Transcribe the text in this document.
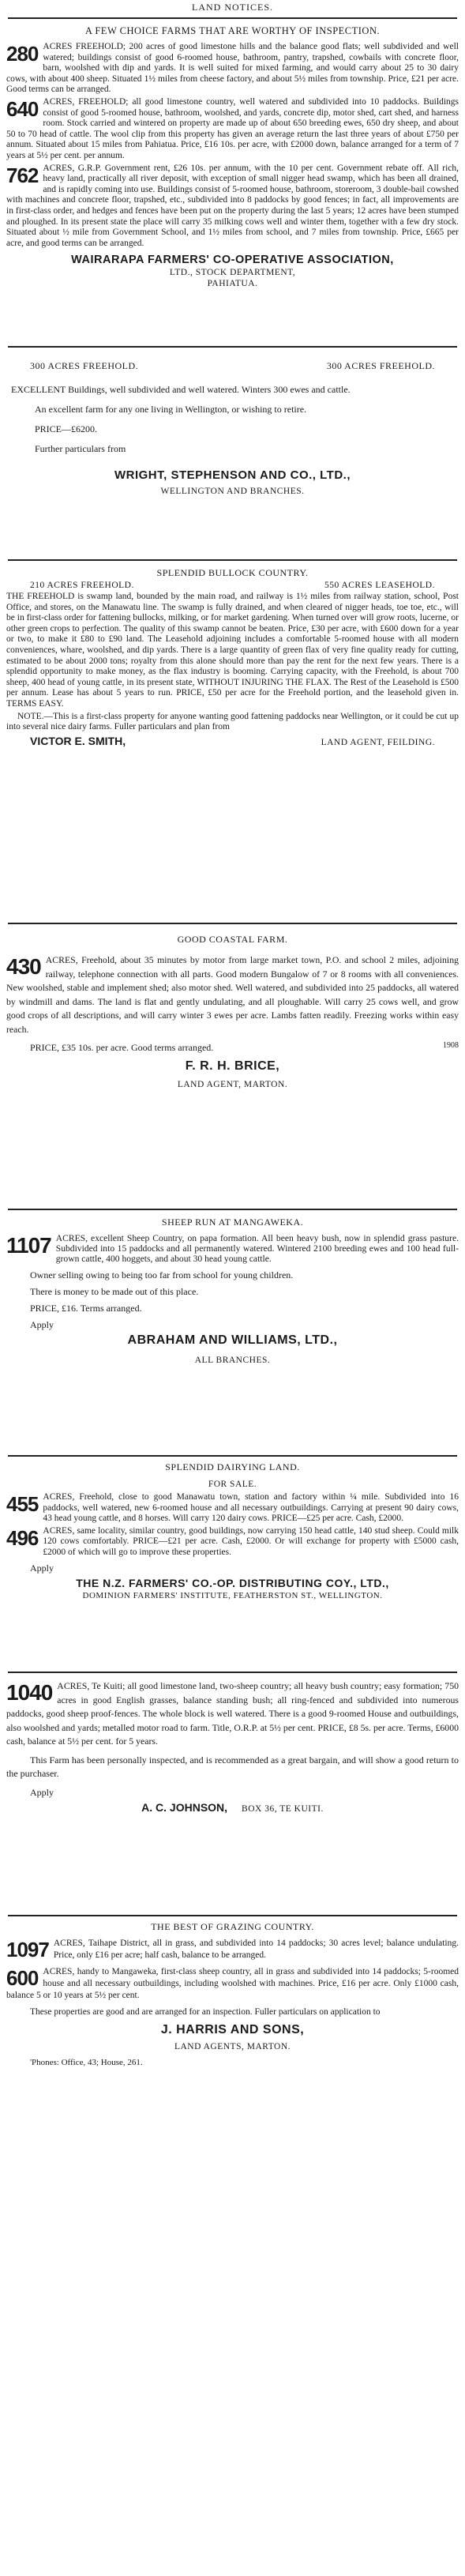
LAND NOTICES.

A FEW CHOICE FARMS THAT ARE WORTHY OF INSPECTION.

280 ACRES FREEHOLD; 200 acres of good limestone hills and the balance good flats; well subdivided and well watered; buildings consist of good 6-roomed house, bathroom, pantry, trapshed, cowbails with concrete floor, barn, woolshed with dip and yards. It is well suited for mixed farming, and would carry about 25 to 30 dairy cows, with about 400 sheep. Situated 1½ miles from cheese factory, and about 5½ miles from township. Price, £21 per acre. Good terms can be arranged.

640 ACRES, FREEHOLD; all good limestone country, well watered and subdivided into 10 paddocks. Buildings consist of good 5-roomed house, bathroom, woolshed, and yards, concrete dip, motor shed, cart shed, and harness room. Stock carried and wintered on property are made up of about 650 breeding ewes, 650 dry sheep, and about 50 to 70 head of cattle. The wool clip from this property has given an average return the last three years of about £750 per annum. Situated about 15 miles from Pahiatua. Price, £16 10s. per acre, with £2000 down, balance arranged for a term of 7 years at 5½ per cent. per annum.

762 ACRES, G.R.P. Government rent, £26 10s. per annum, with the 10 per cent. Government rebate off. All rich, heavy land, practically all river deposit, with exception of small nigger head swamp, which has been all drained, and is rapidly coming into use. Buildings consist of 5-roomed house, bathroom, storeroom, 3 double-bail cowshed with machines and concrete floor, trapshed, etc., subdivided into 8 paddocks by good fences; in fact, all improvements are in first-class order, and hedges and fences have been put on the property during the last 5 years; 12 acres have been stumped and ploughed. In its present state the place will carry 35 milking cows well and winter them, together with a few dry stock. Situated about ½ mile from Government School, and 1½ miles from school, and 7 miles from township. Price, £665 per acre, and good terms can be arranged.

WAIRARAPA FARMERS' CO-OPERATIVE ASSOCIATION,

LTD., STOCK DEPARTMENT,

PAHIATUA.

300 ACRES FREEHOLD.	300 ACRES FREEHOLD.

EXCELLENT Buildings, well subdivided and well watered. Winters 300 ewes and cattle.

An excellent farm for any one living in Wellington, or wishing to retire.

PRICE—£6200.

Further particulars from

WRIGHT, STEPHENSON AND CO., LTD.,

WELLINGTON AND BRANCHES.

SPLENDID BULLOCK COUNTRY.

210 ACRES FREEHOLD.	550 ACRES LEASEHOLD.

THE FREEHOLD is swamp land, bounded by the main road, and railway is 1½ miles from railway station, school, Post Office, and stores, on the Manawatu line. The swamp is fully drained, and when cleared of nigger heads, toe toe, etc., will be in first-class order for fattening bullocks, milking, or for market gardening. When turned over will grow roots, lucerne, or other green crops to perfection. The quality of this swamp cannot be beaten. Price, £30 per acre, with £600 down for a year or two, to make it £80 to £90 land. The Leasehold adjoining includes a comfortable 5-roomed house with all modern conveniences, whare, woolshed, and dip yards. There is a large quantity of green flax of very fine quality ready for cutting, estimated to be about 2000 tons; royalty from this alone should more than pay the rent for the next few years. There is a splendid opportunity to make money, as the flax industry is booming. Carrying capacity, with the Freehold, is about 700 sheep, 400 head of young cattle, in its present state, WITHOUT INJURING THE FLAX. The Rest of the Leasehold is £500 per annum. Lease has about 5 years to run. PRICE, £50 per acre for the Freehold portion, and the leasehold given in. TERMS EASY.

NOTE.—This is a first-class property for anyone wanting good fattening paddocks near Wellington, or it could be cut up into several nice dairy farms. Fuller particulars and plan from

VICTOR E. SMITH,	LAND AGENT, FEILDING.

GOOD COASTAL FARM.

430 ACRES, Freehold, about 35 minutes by motor from large market town, P.O. and school 2 miles, adjoining railway, telephone connection with all parts. Good modern Bungalow of 7 or 8 rooms with all conveniences. New woolshed, stable and implement shed; also motor shed. Well watered, and subdivided into 25 paddocks, all watered by windmill and dams. The land is flat and gently undulating, and all ploughable. Will carry 25 cows well, and grow good crops of all descriptions, and will carry winter 3 ewes per acre. Lambs fatten readily. Freezing works within easy reach.
PRICE, £35 10s. per acre. Good terms arranged.	1908

F. R. H. BRICE,

LAND AGENT, MARTON.

SHEEP RUN AT MANGAWEKA.

1107 ACRES, excellent Sheep Country, on papa formation. All been heavy bush, now in splendid grass pasture. Subdivided into 15 paddocks and all permanently watered. Wintered 2100 breeding ewes and 100 head full-grown cattle, 400 hoggets, and about 30 head young cattle.

Owner selling owing to being too far from school for young children.

There is money to be made out of this place.

PRICE, £16. Terms arranged.

Apply

ABRAHAM AND WILLIAMS, LTD.,

ALL BRANCHES.

SPLENDID DAIRYING LAND.

FOR SALE.

455 ACRES, Freehold, close to good Manawatu town, station and factory within ¼ mile. Subdivided into 16 paddocks, well watered, new 6-roomed house and all necessary outbuildings. Carrying at present 90 dairy cows, 43 head young cattle, and 8 horses. Will carry 120 dairy cows. PRICE—£25 per acre. Cash, £2000.

496 ACRES, same locality, similar country, good buildings, now carrying 150 head cattle, 140 stud sheep. Could milk 120 cows comfortably. PRICE—£21 per acre. Cash, £2000. Or will exchange for property with £5000 cash, £2000 of which will go to improve these properties.

Apply

THE N.Z. FARMERS' CO.-OP. DISTRIBUTING COY., LTD.,

DOMINION FARMERS' INSTITUTE, FEATHERSTON ST., WELLINGTON.

1040 ACRES, Te Kuiti; all good limestone land, two-sheep country; all heavy bush country; easy formation; 750 acres in good English grasses, balance standing bush; all ring-fenced and subdivided into numerous paddocks, good sheep proof-fences. The whole block is well watered. There is a good 9-roomed House and outbuildings, also woolshed and yards; metalled motor road to farm. Title, O.R.P. at 5½ per cent. PRICE, £8 5s. per acre. Terms, £6000 cash, balance at 5½ per cent. for 5 years.

This Farm has been personally inspected, and is recommended as a great bargain, and will show a good return to the purchaser.

Apply

A. C. JOHNSON, BOX 36, TE KUITI.

THE BEST OF GRAZING COUNTRY.

1097 ACRES, Taihape District, all in grass, and subdivided into 14 paddocks; 30 acres level; balance undulating. Price, only £16 per acre; half cash, balance to be arranged.

600 ACRES, handy to Mangaweka, first-class sheep country, all in grass and subdivided into 14 paddocks; 5-roomed house and all necessary outbuildings, including woolshed with machines. Price, £16 per acre. Only £1000 cash, balance 5 or 10 years at 5½ per cent.

These properties are good and are arranged for an inspection. Fuller particulars on application to

J. HARRIS AND SONS,

LAND AGENTS, MARTON.

'Phones: Office, 43; House, 261.
